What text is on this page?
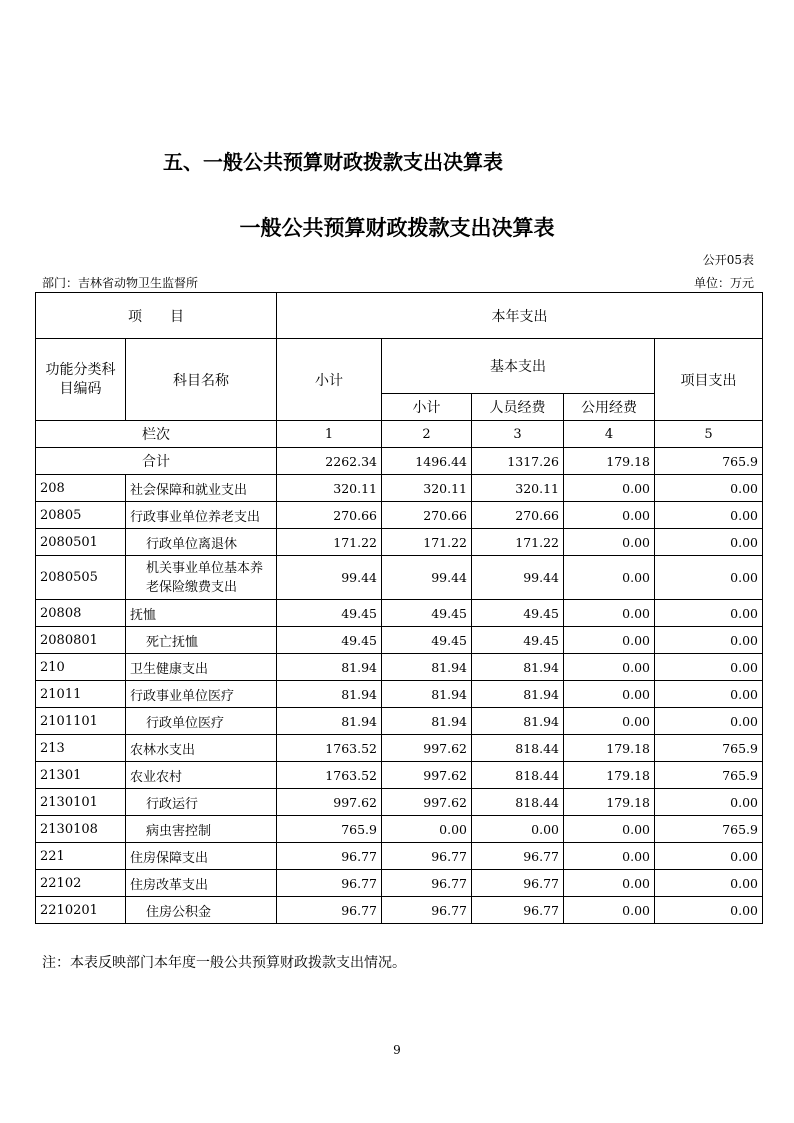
五、一般公共预算财政拨款支出决算表
一般公共预算财政拨款支出决算表
公开05表
部门：吉林省动物卫生监督所	单位：万元
项　　目		本年支出				
功能分类科目编码	科目名称	小计	基本支出			项目支出
			小计	人员经费	公用经费	
栏次		1	2	3	4	5
合计		2262.34	1496.44	1317.26	179.18	765.9
208	社会保障和就业支出	320.11	320.11	320.11	0.00	0.00
20805	行政事业单位养老支出	270.66	270.66	270.66	0.00	0.00
2080501	行政单位离退休	171.22	171.22	171.22	0.00	0.00
2080505	机关事业单位基本养老保险缴费支出	99.44	99.44	99.44	0.00	0.00
20808	抚恤	49.45	49.45	49.45	0.00	0.00
2080801	死亡抚恤	49.45	49.45	49.45	0.00	0.00
210	卫生健康支出	81.94	81.94	81.94	0.00	0.00
21011	行政事业单位医疗	81.94	81.94	81.94	0.00	0.00
2101101	行政单位医疗	81.94	81.94	81.94	0.00	0.00
213	农林水支出	1763.52	997.62	818.44	179.18	765.9
21301	农业农村	1763.52	997.62	818.44	179.18	765.9
2130101	行政运行	997.62	997.62	818.44	179.18	0.00
2130108	病虫害控制	765.9	0.00	0.00	0.00	765.9
221	住房保障支出	96.77	96.77	96.77	0.00	0.00
22102	住房改革支出	96.77	96.77	96.77	0.00	0.00
2210201	住房公积金	96.77	96.77	96.77	0.00	0.00
注：本表反映部门本年度一般公共预算财政拨款支出情况。
9
